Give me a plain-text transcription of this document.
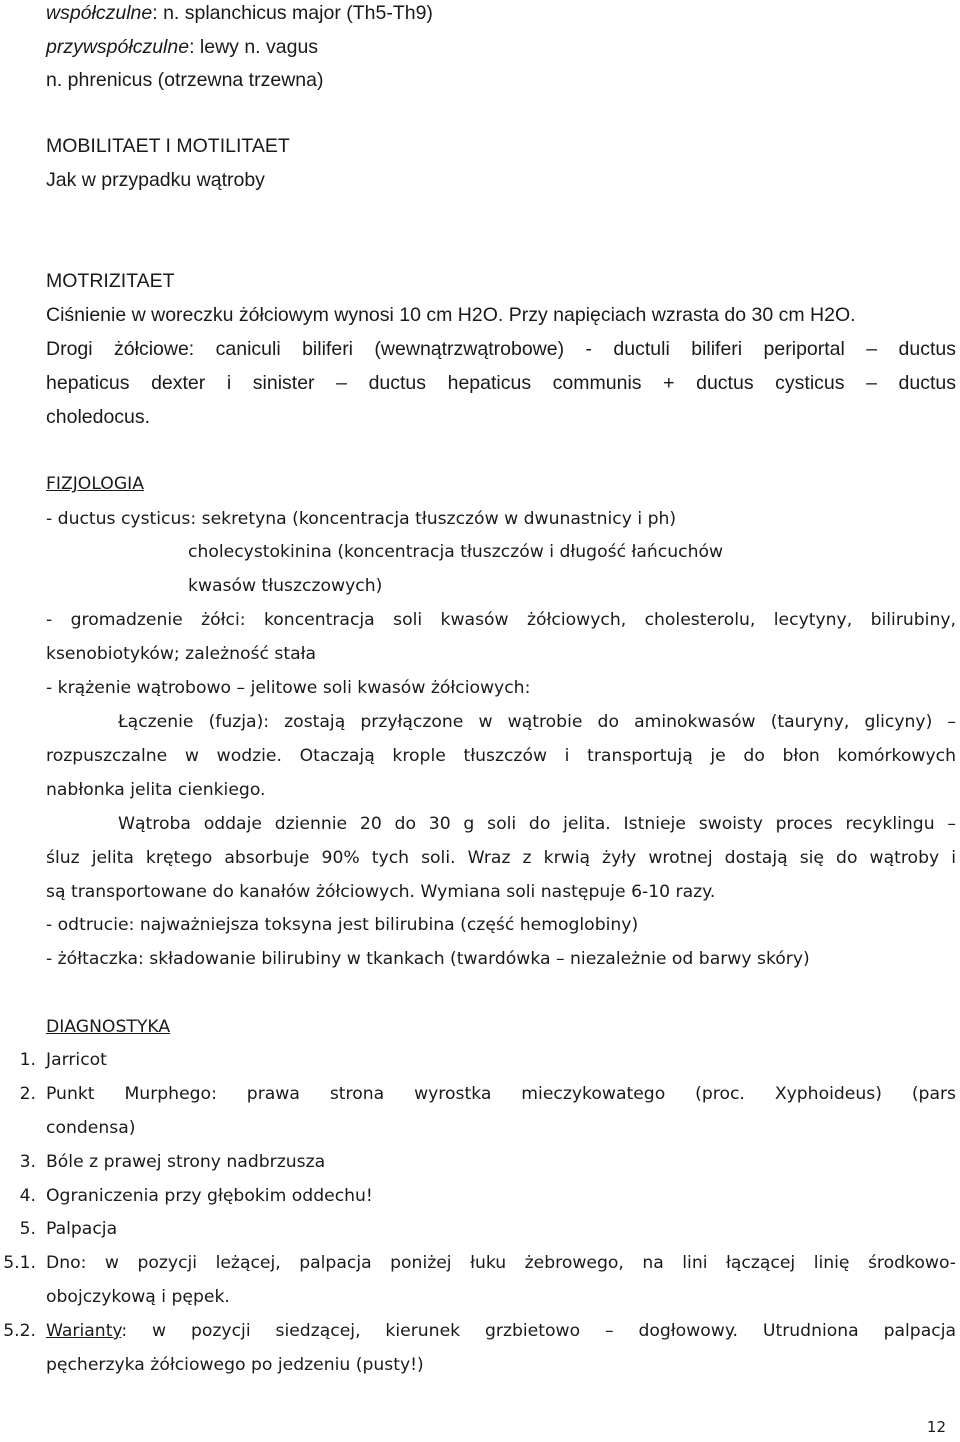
współczulne: n. splanchicus major (Th5-Th9)
przywspółczulne: lewy n. vagus
n. phrenicus (otrzewna trzewna)
MOBILITAET I MOTILITAET
Jak w przypadku wątroby
MOTRIZITAET
Ciśnienie w woreczku żółciowym wynosi 10 cm H2O. Przy napięciach wzrasta do 30 cm H2O.
Drogi żółciowe: caniculi biliferi (wewnątrzwątrobowe) - ductuli biliferi periportal – ductus
hepaticus dexter i sinister – ductus hepaticus communis + ductus cysticus – ductus
choledocus.
FIZJOLOGIA
- ductus cysticus: sekretyna (koncentracja tłuszczów w dwunastnicy i ph)
cholecystokinina (koncentracja tłuszczów i długość łańcuchów
kwasów tłuszczowych)
- gromadzenie żółci: koncentracja soli kwasów żółciowych, cholesterolu, lecytyny, bilirubiny,
ksenobiotyków; zależność stała
- krążenie wątrobowo – jelitowe soli kwasów żółciowych:
Łączenie (fuzja): zostają przyłączone w wątrobie do aminokwasów (tauryny, glicyny) –
rozpuszczalne w wodzie. Otaczają krople tłuszczów i transportują je do błon komórkowych
nabłonka jelita cienkiego.
Wątroba oddaje dziennie 20 do 30 g soli do jelita. Istnieje swoisty proces recyklingu –
śluz jelita krętego absorbuje 90% tych soli. Wraz z krwią żyły wrotnej dostają się do wątroby i
są transportowane do kanałów żółciowych. Wymiana soli następuje 6-10 razy.
- odtrucie: najważniejsza toksyna jest bilirubina (część hemoglobiny)
- żółtaczka: składowanie bilirubiny w tkankach (twardówka – niezależnie od barwy skóry)
DIAGNOSTYKA
1. Jarricot
2. Punkt Murphego: prawa strona wyrostka mieczykowatego (proc. Xyphoideus) (pars
condensa)
3. Bóle z prawej strony nadbrzusza
4. Ograniczenia przy głębokim oddechu!
5. Palpacja
5.1. Dno: w pozycji leżącej, palpacja poniżej łuku żebrowego, na lini łączącej linię środkowo-
obojczykową i pępek.
5.2. Warianty: w pozycji siedzącej, kierunek grzbietowo – dogłowowy. Utrudniona palpacja
pęcherzyka żółciowego po jedzeniu (pusty!)
12
